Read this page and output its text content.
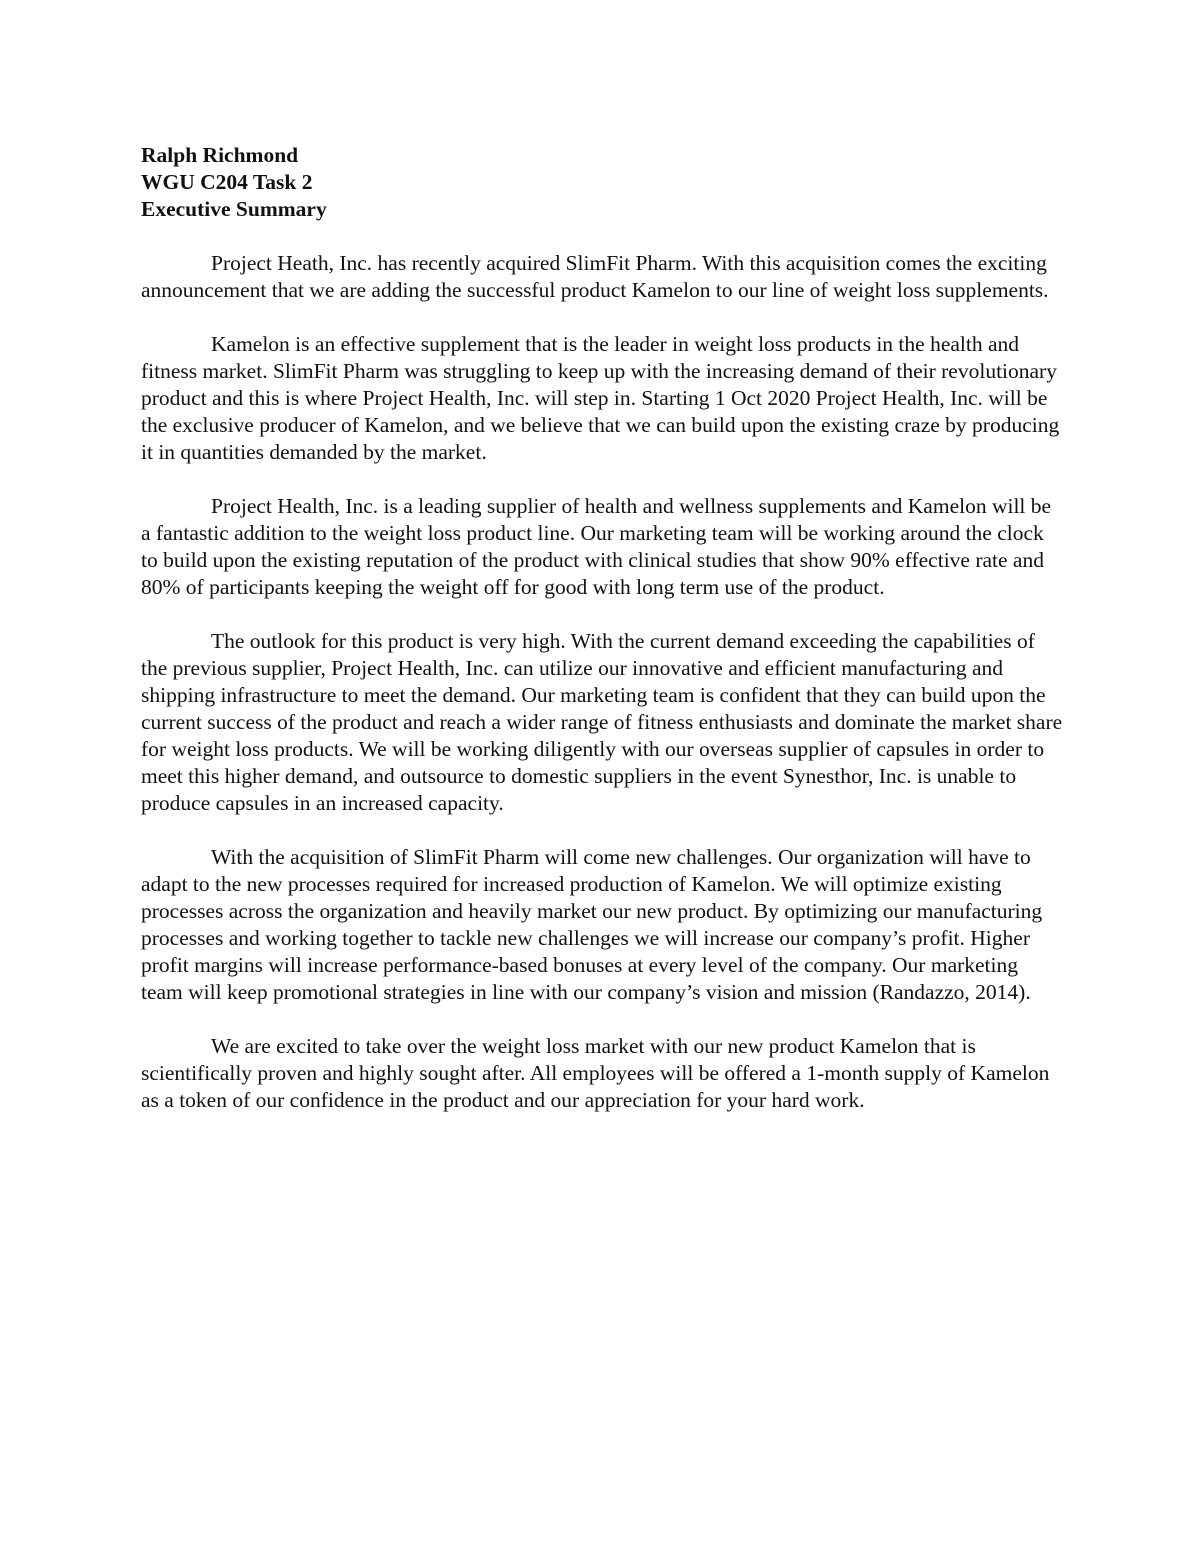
Ralph Richmond
WGU C204 Task 2
Executive Summary

Project Heath, Inc. has recently acquired SlimFit Pharm. With this acquisition comes the exciting announcement that we are adding the successful product Kamelon to our line of weight loss supplements.

Kamelon is an effective supplement that is the leader in weight loss products in the health and fitness market. SlimFit Pharm was struggling to keep up with the increasing demand of their revolutionary product and this is where Project Health, Inc. will step in. Starting 1 Oct 2020 Project Health, Inc. will be the exclusive producer of Kamelon, and we believe that we can build upon the existing craze by producing it in quantities demanded by the market.

Project Health, Inc. is a leading supplier of health and wellness supplements and Kamelon will be a fantastic addition to the weight loss product line. Our marketing team will be working around the clock to build upon the existing reputation of the product with clinical studies that show 90% effective rate and 80% of participants keeping the weight off for good with long term use of the product.

The outlook for this product is very high. With the current demand exceeding the capabilities of the previous supplier, Project Health, Inc. can utilize our innovative and efficient manufacturing and shipping infrastructure to meet the demand. Our marketing team is confident that they can build upon the current success of the product and reach a wider range of fitness enthusiasts and dominate the market share for weight loss products. We will be working diligently with our overseas supplier of capsules in order to meet this higher demand, and outsource to domestic suppliers in the event Synesthor, Inc. is unable to produce capsules in an increased capacity.

With the acquisition of SlimFit Pharm will come new challenges. Our organization will have to adapt to the new processes required for increased production of Kamelon. We will optimize existing processes across the organization and heavily market our new product. By optimizing our manufacturing processes and working together to tackle new challenges we will increase our company’s profit. Higher profit margins will increase performance-based bonuses at every level of the company. Our marketing team will keep promotional strategies in line with our company’s vision and mission (Randazzo, 2014).

We are excited to take over the weight loss market with our new product Kamelon that is scientifically proven and highly sought after. All employees will be offered a 1-month supply of Kamelon as a token of our confidence in the product and our appreciation for your hard work.
